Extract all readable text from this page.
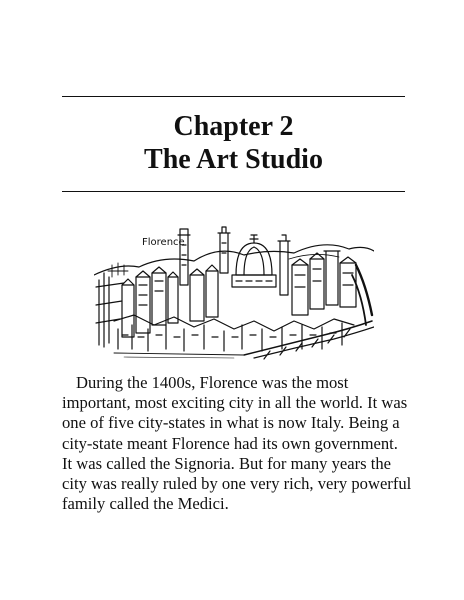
Chapter 2
The Art Studio
Florence

During the 1400s, Florence was the most important, most exciting city in all the world. It was one of five city-states in what is now Italy. Being a city-state meant Florence had its own government. It was called the Signoria. But for many years the city was really ruled by one very rich, very powerful family called the Medici.
